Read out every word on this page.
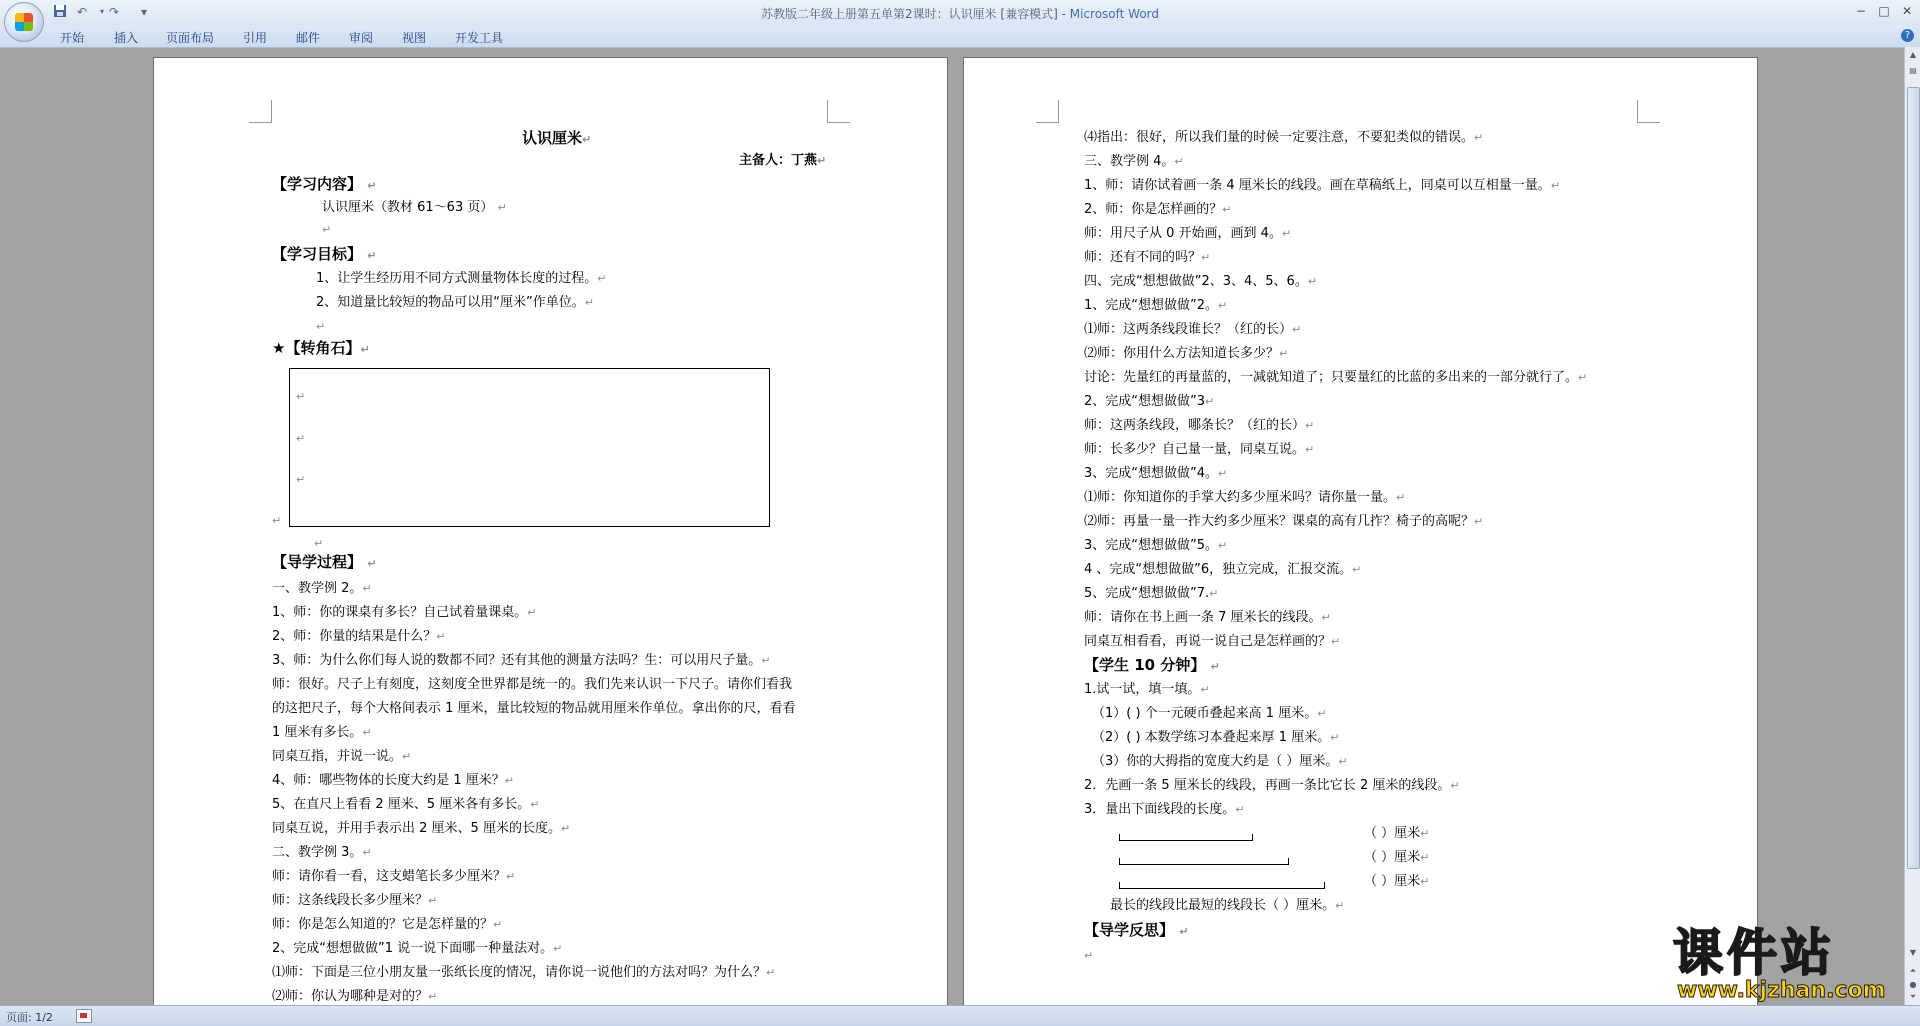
↶	▾ ↷	▾	苏教版二年级上册第五单第2课时：认识厘米 [兼容模式] - Microsoft Word	−	□	✕
开始 插入 页面布局 引用 邮件 审阅 视图 开发工具	?
认识厘米↵
主备人：丁燕↵
【学习内容】 ↵
认识厘米（教材 61～63 页） ↵
↵
【学习目标】 ↵
1、让学生经历用不同方式测量物体长度的过程。↵
2、知道量比较短的物品可以用“厘米”作单位。↵
↵
★【转角石】↵
↵
↵
↵
↵
↵
【导学过程】 ↵
一、教学例 2。↵
1、师：你的课桌有多长？自己试着量课桌。↵
2、师：你量的结果是什么？↵
3、师：为什么你们每人说的数都不同？还有其他的测量方法吗？生：可以用尺子量。↵
师：很好。尺子上有刻度，这刻度全世界都是统一的。我们先来认识一下尺子。请你们看我
的这把尺子，每个大格间表示 1 厘米，量比较短的物品就用厘米作单位。拿出你的尺，看看
1 厘米有多长。↵
同桌互指，并说一说。↵
4、师：哪些物体的长度大约是 1 厘米？↵
5、在直尺上看看 2 厘米、5 厘米各有多长。↵
同桌互说，并用手表示出 2 厘米、5 厘米的长度。↵
二、教学例 3。↵
师：请你看一看，这支蜡笔长多少厘米？↵
师：这条线段长多少厘米？↵
师：你是怎么知道的？它是怎样量的？↵
2、完成“想想做做”1 说一说下面哪一种量法对。↵
⑴师：下面是三位小朋友量一张纸长度的情况，请你说一说他们的方法对吗？为什么？↵
⑵师：你认为哪种是对的？↵
⑷指出：很好，所以我们量的时候一定要注意，不要犯类似的错误。↵
三、教学例 4。↵
1、师：请你试着画一条 4 厘米长的线段。画在草稿纸上，同桌可以互相量一量。↵
2、师：你是怎样画的？↵
师：用尺子从 0 开始画，画到 4。↵
师：还有不同的吗？↵
四、完成“想想做做”2、3、4、5、6。↵
1、完成“想想做做”2。↵
⑴师：这两条线段谁长？（红的长）↵
⑵师：你用什么方法知道长多少？↵
讨论：先量红的再量蓝的，一减就知道了；只要量红的比蓝的多出来的一部分就行了。↵
2、完成“想想做做”3↵
师：这两条线段，哪条长？（红的长）↵
师：长多少？自己量一量，同桌互说。↵
3、完成“想想做做”4。↵
⑴师：你知道你的手掌大约多少厘米吗？请你量一量。↵
⑵师：再量一量一拃大约多少厘米？课桌的高有几拃？椅子的高呢？↵
3、完成“想想做做”5。↵
4 、完成“想想做做”6，独立完成，汇报交流。↵
5、完成“想想做做”7.↵
师：请你在书上画一条 7 厘米长的线段。↵
同桌互相看看，再说一说自己是怎样画的？↵
【学生 10 分钟】 ↵
1.试一试，填一填。↵
（1）( ) 个一元硬币叠起来高 1 厘米。↵
（2）( ) 本数学练习本叠起来厚 1 厘米。↵
（3）你的大拇指的宽度大约是（ ）厘米。↵
2．先画一条 5 厘米长的线段，再画一条比它长 2 厘米的线段。↵
3．量出下面线段的长度。↵
（ ）厘米↵
（ ）厘米↵
（ ）厘米↵
最长的线段比最短的线段长（ ）厘米。↵
【导学反思】 ↵
↵
▲
▤
▼
⏶
●
⏷
页面: 1/2
课件站
www.kjzhan.com
